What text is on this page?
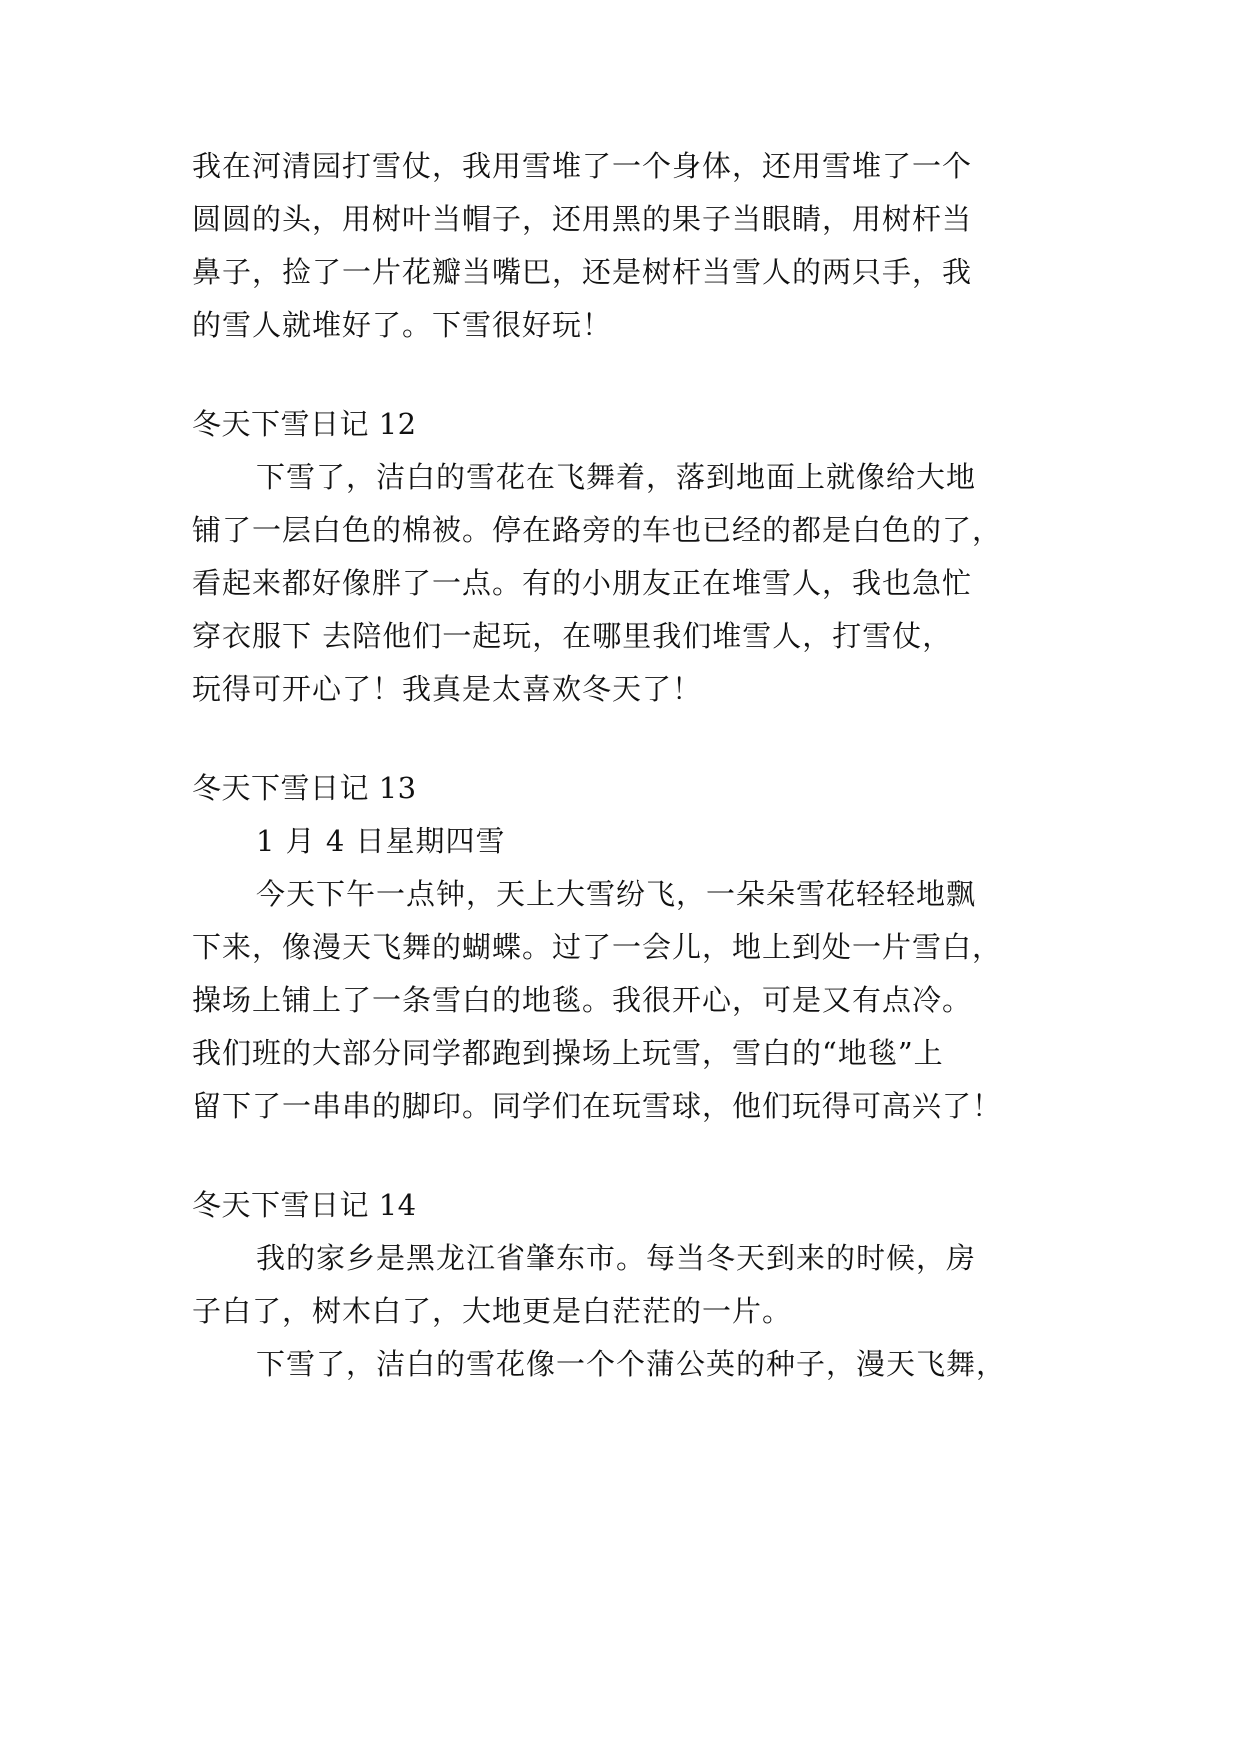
我在河清园打雪仗，我用雪堆了一个身体，还用雪堆了一个
圆圆的头，用树叶当帽子，还用黑的果子当眼睛，用树杆当
鼻子，捡了一片花瓣当嘴巴，还是树杆当雪人的两只手，我
的雪人就堆好了。下雪很好玩！
冬天下雪日记 12
下雪了，洁白的雪花在飞舞着，落到地面上就像给大地
铺了一层白色的棉被。停在路旁的车也已经的都是白色的了，
看起来都好像胖了一点。有的小朋友正在堆雪人，我也急忙
穿衣服下 去陪他们一起玩，在哪里我们堆雪人，打雪仗，
玩得可开心了！我真是太喜欢冬天了！
冬天下雪日记 13
1 月 4 日星期四雪
今天下午一点钟，天上大雪纷飞，一朵朵雪花轻轻地飘
下来，像漫天飞舞的蝴蝶。过了一会儿，地上到处一片雪白，
操场上铺上了一条雪白的地毯。我很开心，可是又有点冷。
我们班的大部分同学都跑到操场上玩雪，雪白的“地毯”上
留下了一串串的脚印。同学们在玩雪球，他们玩得可高兴了！
冬天下雪日记 14
我的家乡是黑龙江省肇东市。每当冬天到来的时候，房
子白了，树木白了，大地更是白茫茫的一片。
下雪了，洁白的雪花像一个个蒲公英的种子，漫天飞舞，
